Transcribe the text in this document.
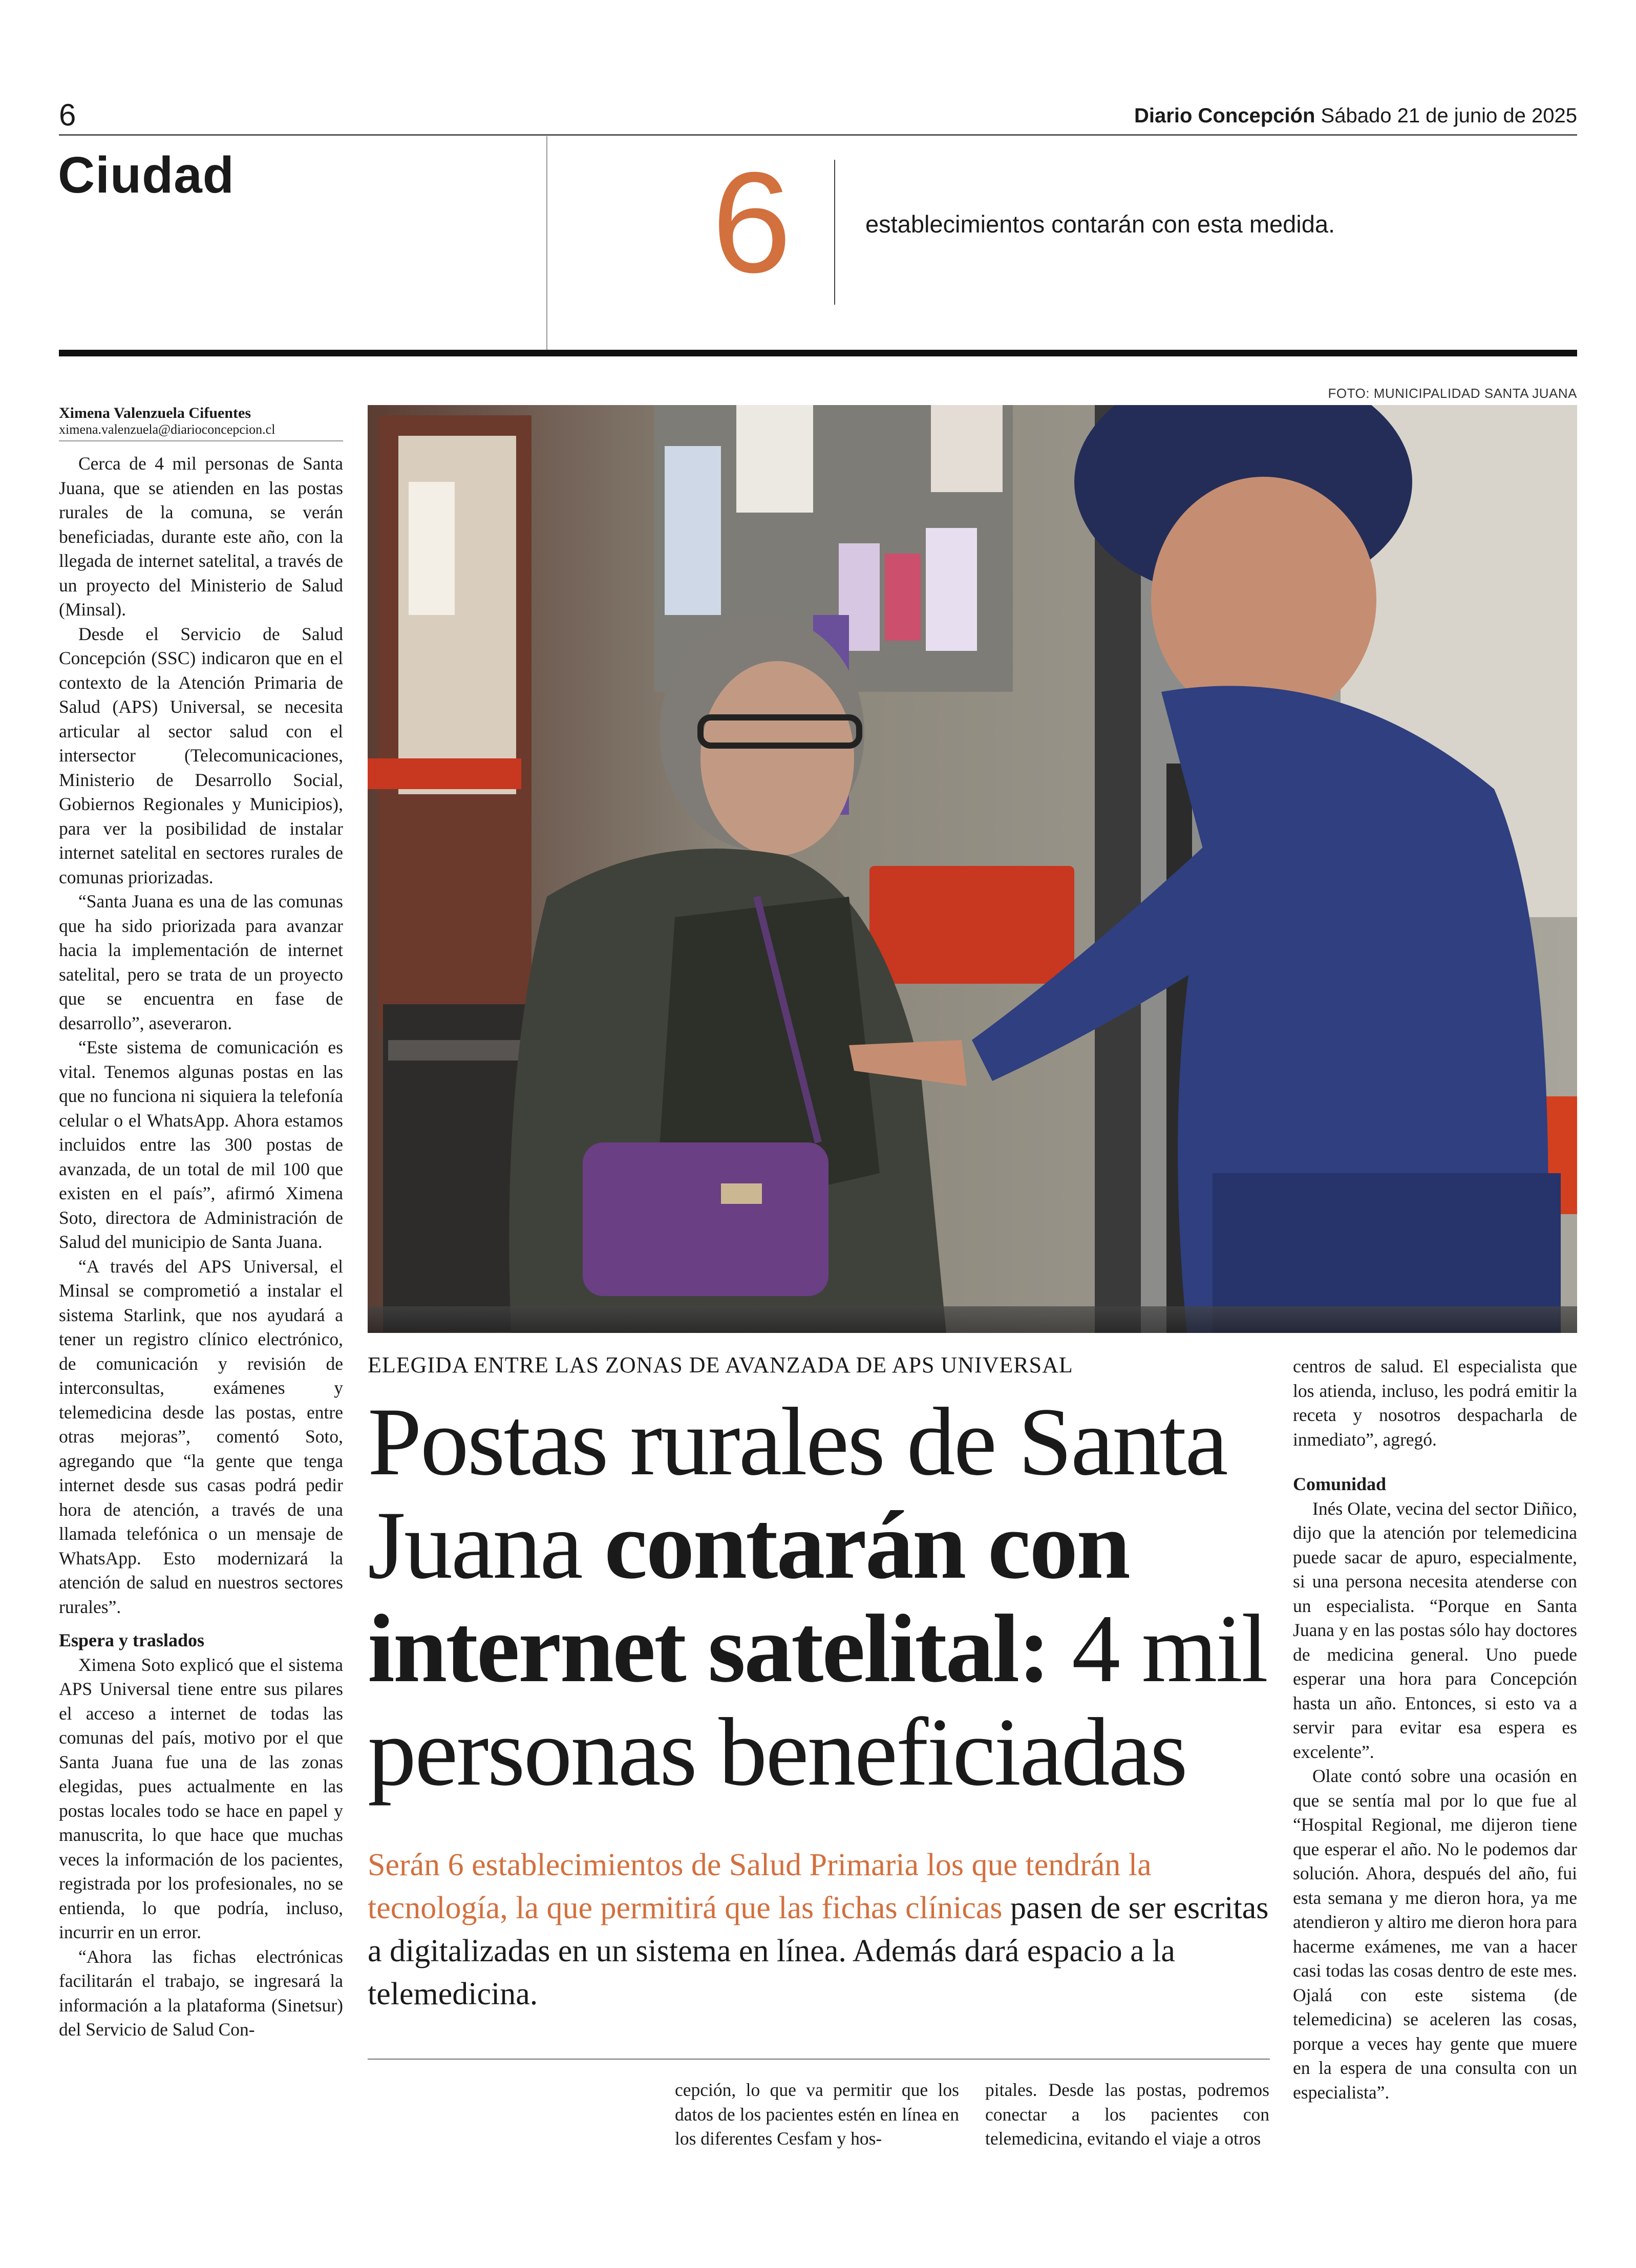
6	Diario Concepción Sábado 21 de junio de 2025
Ciudad	6	establecimientos contarán con esta medida.
FOTO: MUNICIPALIDAD SANTA JUANA
Ximena Valenzuela Cifuentes
ximena.valenzuela@diarioconcepcion.cl

Cerca de 4 mil personas de Santa Juana, que se atienden en las postas rurales de la comuna, se verán beneficiadas, durante este año, con la llegada de internet satelital, a través de un proyecto del Ministerio de Salud (Minsal).

Desde el Servicio de Salud Concepción (SSC) indicaron que en el contexto de la Atención Primaria de Salud (APS) Universal, se necesita articular al sector salud con el intersector (Telecomunicaciones, Ministerio de Desarrollo Social, Gobiernos Regionales y Municipios), para ver la posibilidad de instalar internet satelital en sectores rurales de comunas priorizadas.

“Santa Juana es una de las comunas que ha sido priorizada para avanzar hacia la implementación de internet satelital, pero se trata de un proyecto que se encuentra en fase de desarrollo”, aseveraron.

“Este sistema de comunicación es vital. Tenemos algunas postas en las que no funciona ni siquiera la telefonía celular o el WhatsApp. Ahora estamos incluidos entre las 300 postas de avanzada, de un total de mil 100 que existen en el país”, afirmó Ximena Soto, directora de Administración de Salud del municipio de Santa Juana.

“A través del APS Universal, el Minsal se comprometió a instalar el sistema Starlink, que nos ayudará a tener un registro clínico electrónico, de comunicación y revisión de interconsultas, exámenes y telemedicina desde las postas, entre otras mejoras”, comentó Soto, agregando que “la gente que tenga internet desde sus casas podrá pedir hora de atención, a través de una llamada telefónica o un mensaje de WhatsApp. Esto modernizará la atención de salud en nuestros sectores rurales”.

Espera y traslados

Ximena Soto explicó que el sistema APS Universal tiene entre sus pilares el acceso a internet de todas las comunas del país, motivo por el que Santa Juana fue una de las zonas elegidas, pues actualmente en las postas locales todo se hace en papel y manuscrita, lo que hace que muchas veces la información de los pacientes, registrada por los profesionales, no se entienda, lo que podría, incluso, incurrir en un error.

“Ahora las fichas electrónicas facilitarán el trabajo, se ingresará la información a la plataforma (Sinetsur) del Servicio de Salud Con-

ELEGIDA ENTRE LAS ZONAS DE AVANZADA DE APS UNIVERSAL
Postas rurales de Santa Juana contarán con internet satelital: 4 mil personas beneficiadas
Serán 6 establecimientos de Salud Primaria los que tendrán la tecnología, la que permitirá que las fichas clínicas pasen de ser escritas a digitalizadas en un sistema en línea. Además dará espacio a la telemedicina.

cepción, lo que va permitir que los datos de los pacientes estén en línea en los diferentes Cesfam y hos-

pitales. Desde las postas, podremos conectar a los pacientes con telemedicina, evitando el viaje a otros

centros de salud. El especialista que los atienda, incluso, les podrá emitir la receta y nosotros despacharla de inmediato”, agregó.

Comunidad

Inés Olate, vecina del sector Diñico, dijo que la atención por telemedicina puede sacar de apuro, especialmente, si una persona necesita atenderse con un especialista. “Porque en Santa Juana y en las postas sólo hay doctores de medicina general. Uno puede esperar una hora para Concepción hasta un año. Entonces, si esto va a servir para evitar esa espera es excelente”.

Olate contó sobre una ocasión en que se sentía mal por lo que fue al “Hospital Regional, me dijeron tiene que esperar el año. No le podemos dar solución. Ahora, después del año, fui esta semana y me dieron hora, ya me atendieron y altiro me dieron hora para hacerme exámenes, me van a hacer casi todas las cosas dentro de este mes. Ojalá con este sistema (de telemedicina) se aceleren las cosas, porque a veces hay gente que muere en la espera de una consulta con un especialista”.
